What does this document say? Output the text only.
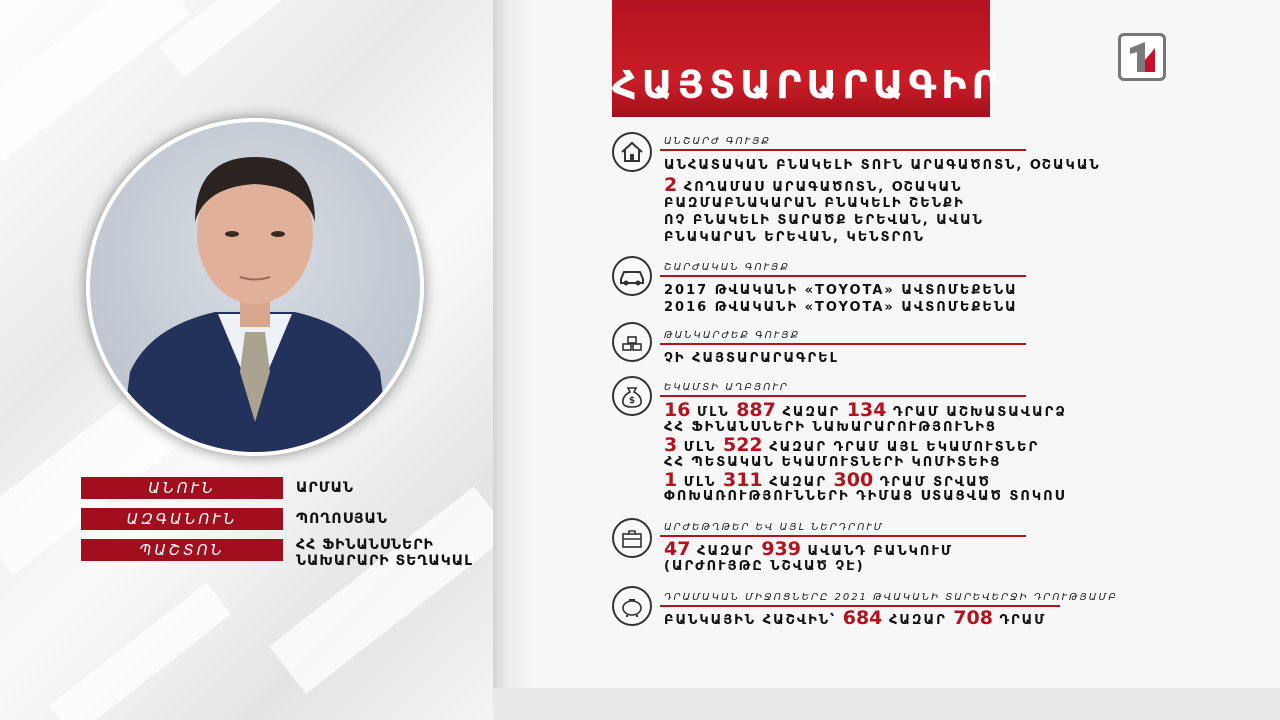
ԱՆՈՒՆ	ԱՐՄԱՆ
ԱԶԳԱՆՈՒՆ	ՊՈՂՈՍՅԱՆ
ՊԱՇՏՈՆ	ՀՀ ՖԻՆԱՆՍՆԵՐԻ
ՆԱԽԱՐԱՐԻ ՏԵՂԱԿԱԼ
ՀԱՅՏԱՐԱՐԱԳԻՐ
ԱՆՇԱՐԺ ԳՈՒՅՔ
ԱՆՀԱՏԱԿԱՆ ԲՆԱԿԵԼԻ ՏՈՒՆ ԱՐԱԳԱԾՈՏՆ, ՕՇԱԿԱՆ
2 ՀՈՂԱՄԱՍ ԱՐԱԳԱԾՈՏՆ, ՕՇԱԿԱՆ
ԲԱԶՄԱԲՆԱԿԱՐԱՆ ԲՆԱԿԵԼԻ ՇԵՆՔԻ
ՈՉ ԲՆԱԿԵԼԻ ՏԱՐԱԾՔ ԵՐԵՎԱՆ, ԱՎԱՆ
ԲՆԱԿԱՐԱՆ ԵՐԵՎԱՆ, ԿԵՆՏՐՈՆ
ՇԱՐԺԱԿԱՆ ԳՈՒՅՔ
2017 ԹՎԱԿԱՆԻ «TOYOTA» ԱՎՏՈՄԵՔԵՆԱ
2016 ԹՎԱԿԱՆԻ «TOYOTA» ԱՎՏՈՄԵՔԵՆԱ
ԹԱՆԿԱՐԺԵՔ ԳՈՒՅՔ
ՉԻ ՀԱՅՏԱՐԱՐԱԳՐԵԼ
$
ԵԿԱՄՏԻ ԱՂԲՅՈՒՐ
16 ՄԼՆ 887 ՀԱԶԱՐ 134 ԴՐԱՄ ԱՇԽԱՏԱՎԱՐՁ
ՀՀ ՖԻՆԱՆՍՆԵՐԻ ՆԱԽԱՐԱՐՈՒԹՅՈՒՆԻՑ
3 ՄԼՆ 522 ՀԱԶԱՐ ԴՐԱՄ ԱՅԼ ԵԿԱՄՈՒՏՆԵՐ
ՀՀ ՊԵՏԱԿԱՆ ԵԿԱՄՈՒՏՆԵՐԻ ԿՈՄԻՏԵԻՑ
1 ՄԼՆ 311 ՀԱԶԱՐ 300 ԴՐԱՄ ՏՐՎԱԾ
ՓՈԽԱՌՈՒԹՅՈՒՆՆԵՐԻ ԴԻՄԱՑ ՍՏԱՑՎԱԾ ՏՈԿՈՍ
ԱՐԺԵԹՂԹԵՐ ԵՎ ԱՅԼ ՆԵՐԴՐՈՒՄ
47 ՀԱԶԱՐ 939 ԱՎԱՆԴ ԲԱՆԿՈՒՄ
(ԱՐԺՈՒՅԹԸ ՆՇՎԱԾ ՉԷ)
ԴՐԱՄԱԿԱՆ ՄԻՋՈՑՆԵՐԸ 2021 ԹՎԱԿԱՆԻ ՏԱՐԵՎԵՐՋԻ ԴՐՈՒԹՅԱՄԲ
ԲԱՆԿԱՅԻՆ ՀԱՇՎԻՆ՝ 684 ՀԱԶԱՐ 708 ԴՐԱՄ
